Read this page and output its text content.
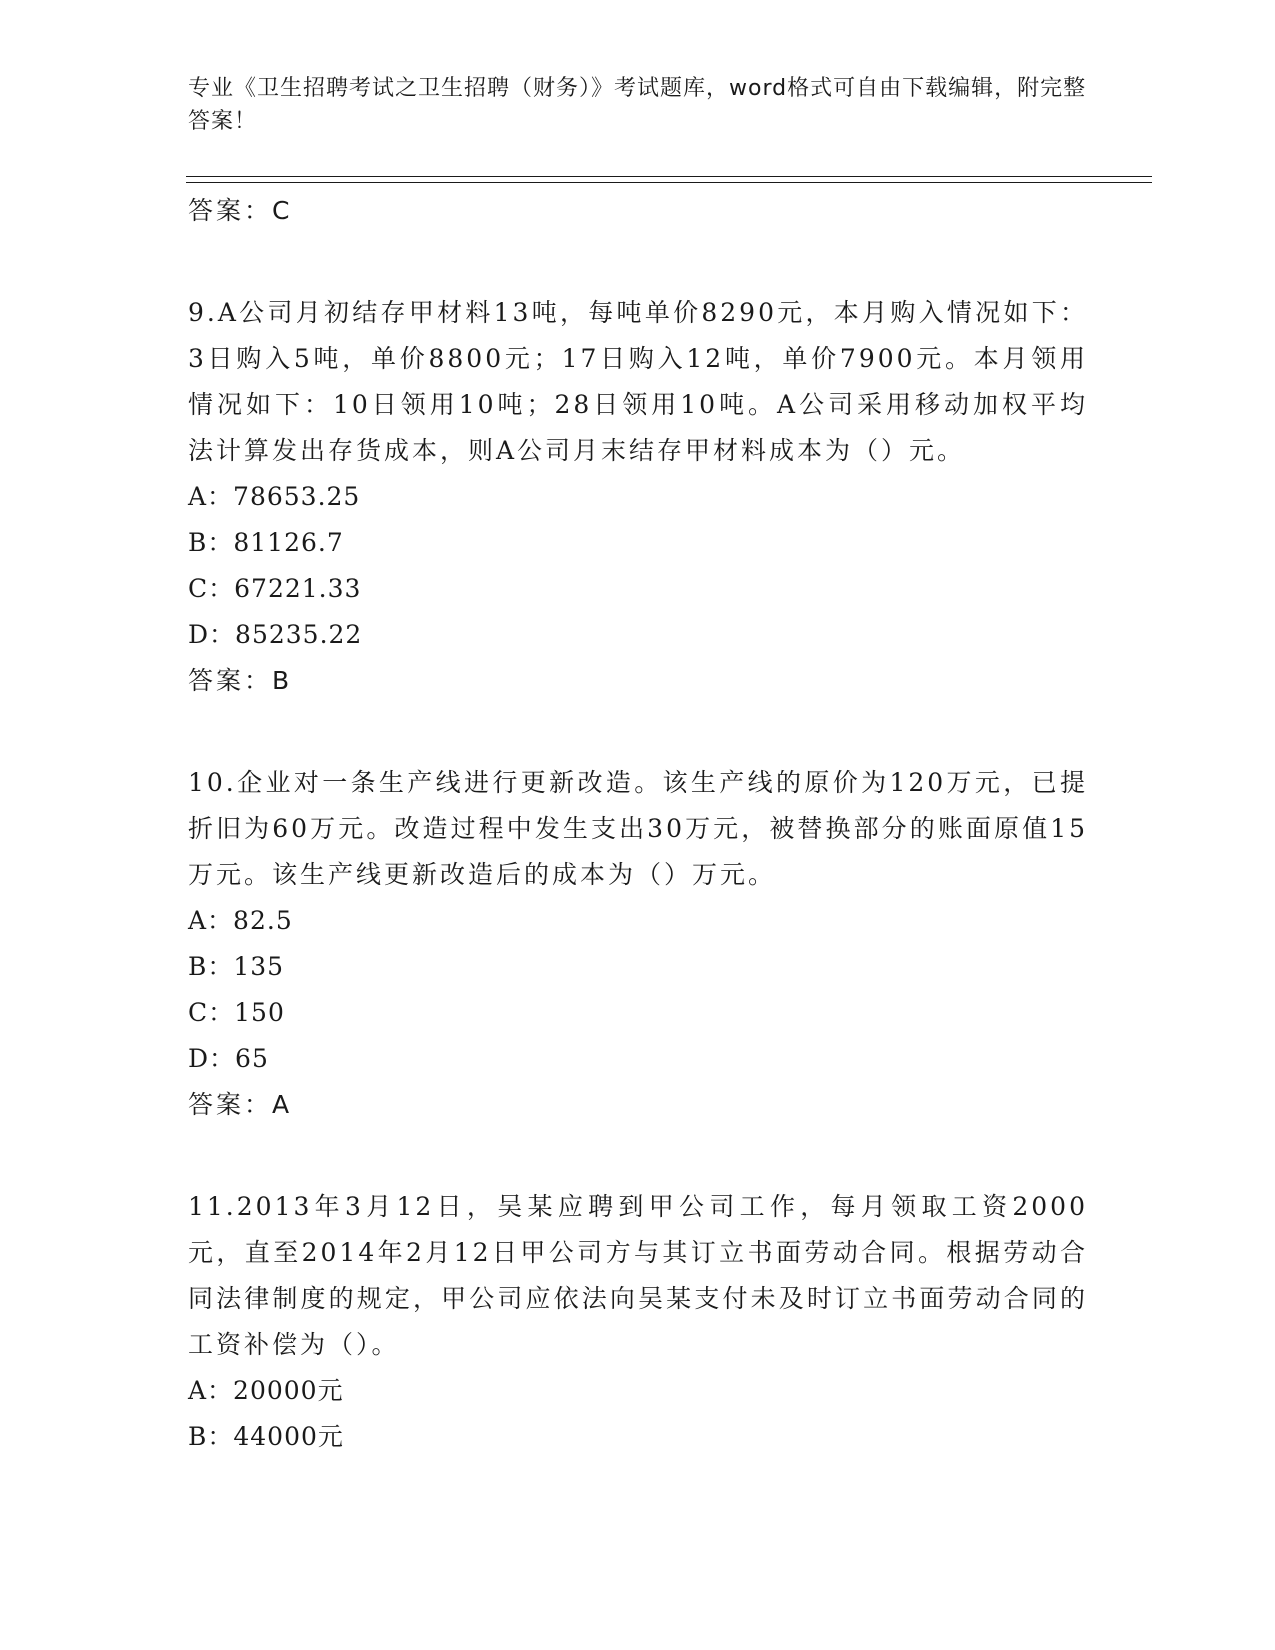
专业《卫生招聘考试之卫生招聘（财务）》考试题库，word格式可自由下载编辑，附完整答案！
答案：C
9.A公司月初结存甲材料13吨，每吨单价8290元，本月购入情况如下：3日购入5吨，单价8800元；17日购入12吨，单价7900元。本月领用情况如下：10日领用10吨；28日领用10吨。A公司采用移动加权平均法计算发出存货成本，则A公司月末结存甲材料成本为（）元。
A：78653.25
B：81126.7
C：67221.33
D：85235.22
答案：B
10.企业对一条生产线进行更新改造。该生产线的原价为120万元，已提折旧为60万元。改造过程中发生支出30万元，被替换部分的账面原值15万元。该生产线更新改造后的成本为（）万元。
A：82.5
B：135
C：150
D：65
答案：A
11.2013年3月12日，吴某应聘到甲公司工作，每月领取工资2000元，直至2014年2月12日甲公司方与其订立书面劳动合同。根据劳动合同法律制度的规定，甲公司应依法向吴某支付未及时订立书面劳动合同的工资补偿为（）。
A：20000元
B：44000元
